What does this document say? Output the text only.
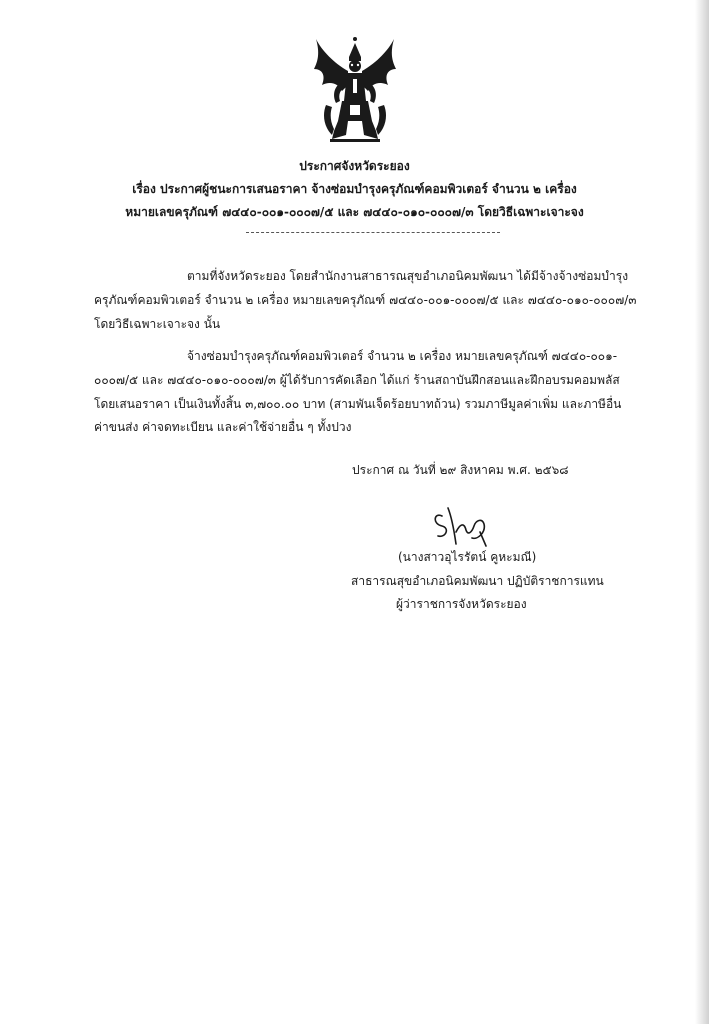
ประกาศจังหวัดระยอง
เรื่อง ประกาศผู้ชนะการเสนอราคา จ้างซ่อมบำรุงครุภัณฑ์คอมพิวเตอร์ จำนวน ๒ เครื่อง
หมายเลขครุภัณฑ์ ๗๔๔๐-๐๐๑-๐๐๐๗/๕ และ ๗๔๔๐-๐๑๐-๐๐๐๗/๓ โดยวิธีเฉพาะเจาะจง
ตามที่จังหวัดระยอง โดยสำนักงานสาธารณสุขอำเภอนิคมพัฒนา ได้มีจ้างจ้างซ่อมบำรุง
ครุภัณฑ์คอมพิวเตอร์ จำนวน ๒ เครื่อง หมายเลขครุภัณฑ์ ๗๔๔๐-๐๐๑-๐๐๐๗/๕ และ ๗๔๔๐-๐๑๐-๐๐๐๗/๓
โดยวิธีเฉพาะเจาะจง นั้น
จ้างซ่อมบำรุงครุภัณฑ์คอมพิวเตอร์ จำนวน ๒ เครื่อง หมายเลขครุภัณฑ์ ๗๔๔๐-๐๐๑-
๐๐๐๗/๕ และ ๗๔๔๐-๐๑๐-๐๐๐๗/๓ ผู้ได้รับการคัดเลือก ได้แก่ ร้านสถาบันฝึกสอนและฝึกอบรมคอมพลัส
โดยเสนอราคา เป็นเงินทั้งสิ้น ๓,๗๐๐.๐๐ บาท (สามพันเจ็ดร้อยบาทถ้วน) รวมภาษีมูลค่าเพิ่ม และภาษีอื่น
ค่าขนส่ง ค่าจดทะเบียน และค่าใช้จ่ายอื่น ๆ ทั้งปวง
ประกาศ ณ วันที่ ๒๙ สิงหาคม พ.ศ. ๒๕๖๘
(นางสาวอุไรรัตน์ คูหะมณี)
สาธารณสุขอำเภอนิคมพัฒนา ปฏิบัติราชการแทน
ผู้ว่าราชการจังหวัดระยอง
